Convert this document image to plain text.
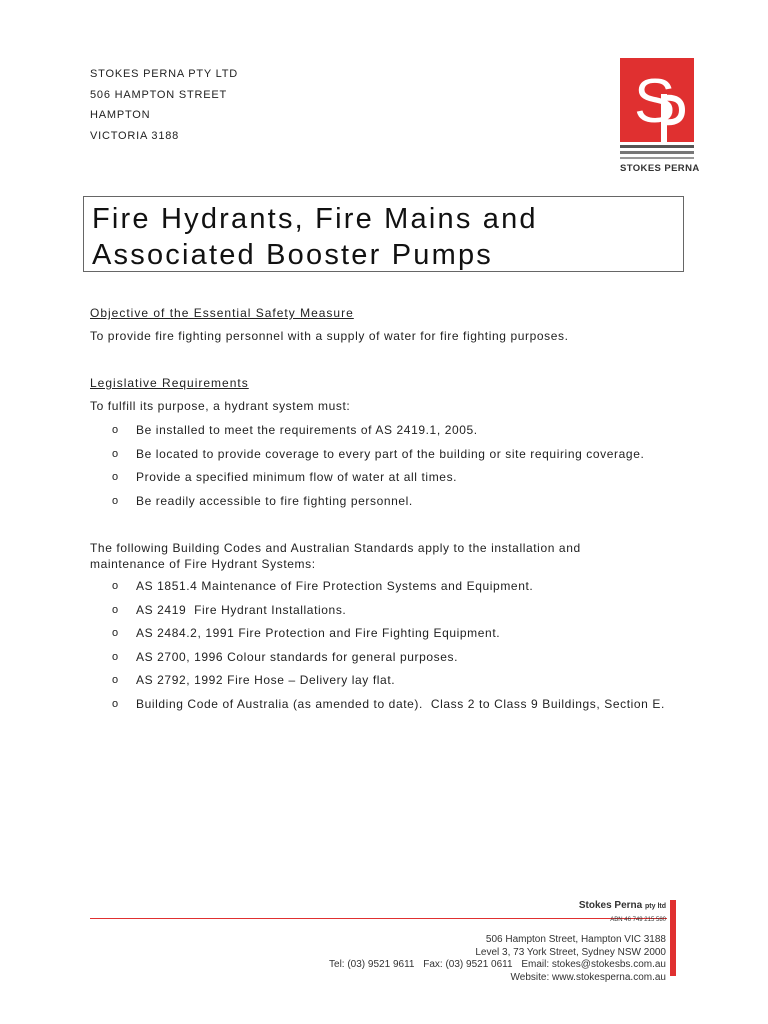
STOKES PERNA PTY LTD
506 HAMPTON STREET
HAMPTON
VICTORIA 3188	S
STOKES PERNA
Fire Hydrants, Fire Mains and
Associated Booster Pumps
Objective of the Essential Safety Measure
To provide fire fighting personnel with a supply of water for fire fighting purposes.
Legislative Requirements
To fulfill its purpose, a hydrant system must:
o Be installed to meet the requirements of AS 2419.1, 2005.
o Be located to provide coverage to every part of the building or site requiring coverage.
o Provide a specified minimum flow of water at all times.
o Be readily accessible to fire fighting personnel.
The following Building Codes and Australian Standards apply to the installation and maintenance of Fire Hydrant Systems:
o AS 1851.4 Maintenance of Fire Protection Systems and Equipment.
o AS 2419  Fire Hydrant Installations.
o AS 2484.2, 1991 Fire Protection and Fire Fighting Equipment.
o AS 2700, 1996 Colour standards for general purposes.
o AS 2792, 1992 Fire Hose – Delivery lay flat.
o Building Code of Australia (as amended to date).  Class 2 to Class 9 Buildings, Section E.
Stokes Perna pty ltd
ABN 46 749 215 580
506 Hampton Street, Hampton VIC 3188
Level 3, 73 York Street, Sydney NSW 2000
Tel: (03) 9521 9611 Fax: (03) 9521 0611 Email: stokes@stokesbs.com.au
Website: www.stokesperna.com.au
